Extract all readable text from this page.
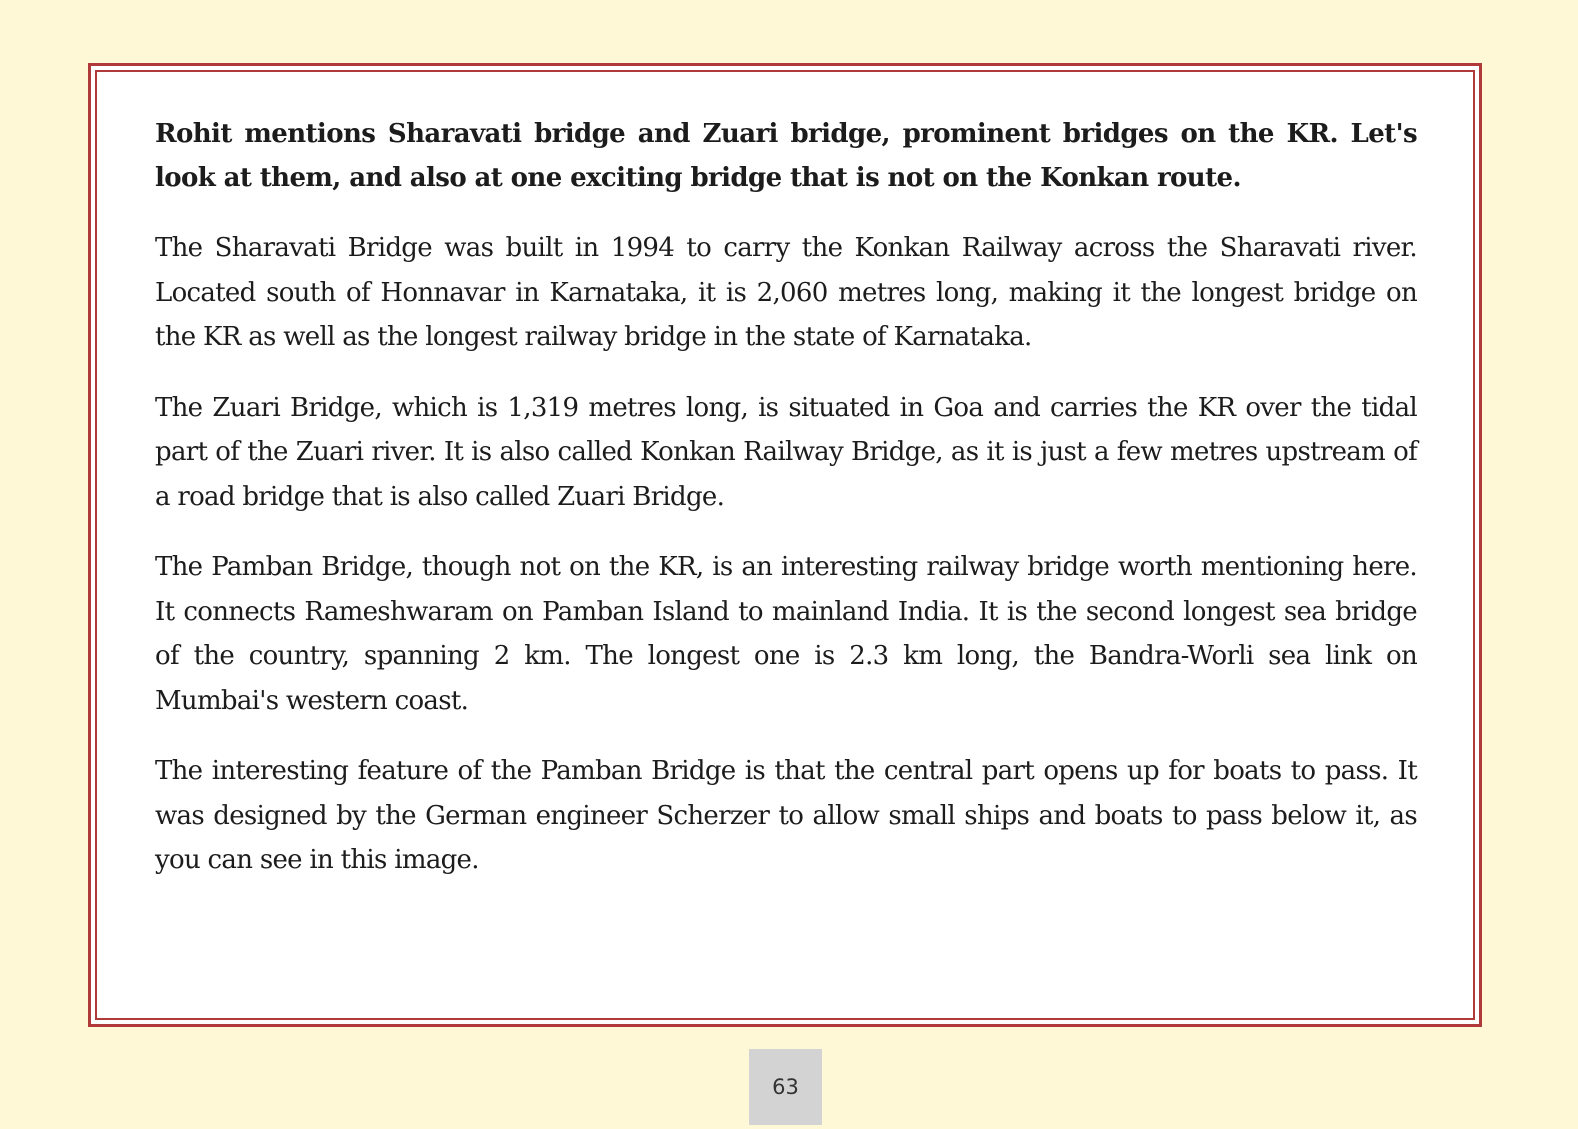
Rohit mentions Sharavati bridge and Zuari bridge, prominent bridges on the KR. Let's look at them, and also at one exciting bridge that is not on the Konkan route.

The Sharavati Bridge was built in 1994 to carry the Konkan Railway across the Sharavati river. Located south of Honnavar in Karnataka, it is 2,060 metres long, making it the longest bridge on the KR as well as the longest railway bridge in the state of Karnataka.

The Zuari Bridge, which is 1,319 metres long, is situated in Goa and carries the KR over the tidal part of the Zuari river. It is also called Konkan Railway Bridge, as it is just a few metres upstream of a road bridge that is also called Zuari Bridge.

The Pamban Bridge, though not on the KR, is an interesting railway bridge worth mentioning here. It connects Rameshwaram on Pamban Island to mainland India. It is the second longest sea bridge of the country, spanning 2 km. The longest one is 2.3 km long, the Bandra-Worli sea link on Mumbai's western coast.

The interesting feature of the Pamban Bridge is that the central part opens up for boats to pass. It was designed by the German engineer Scherzer to allow small ships and boats to pass below it, as you can see in this image.

63
